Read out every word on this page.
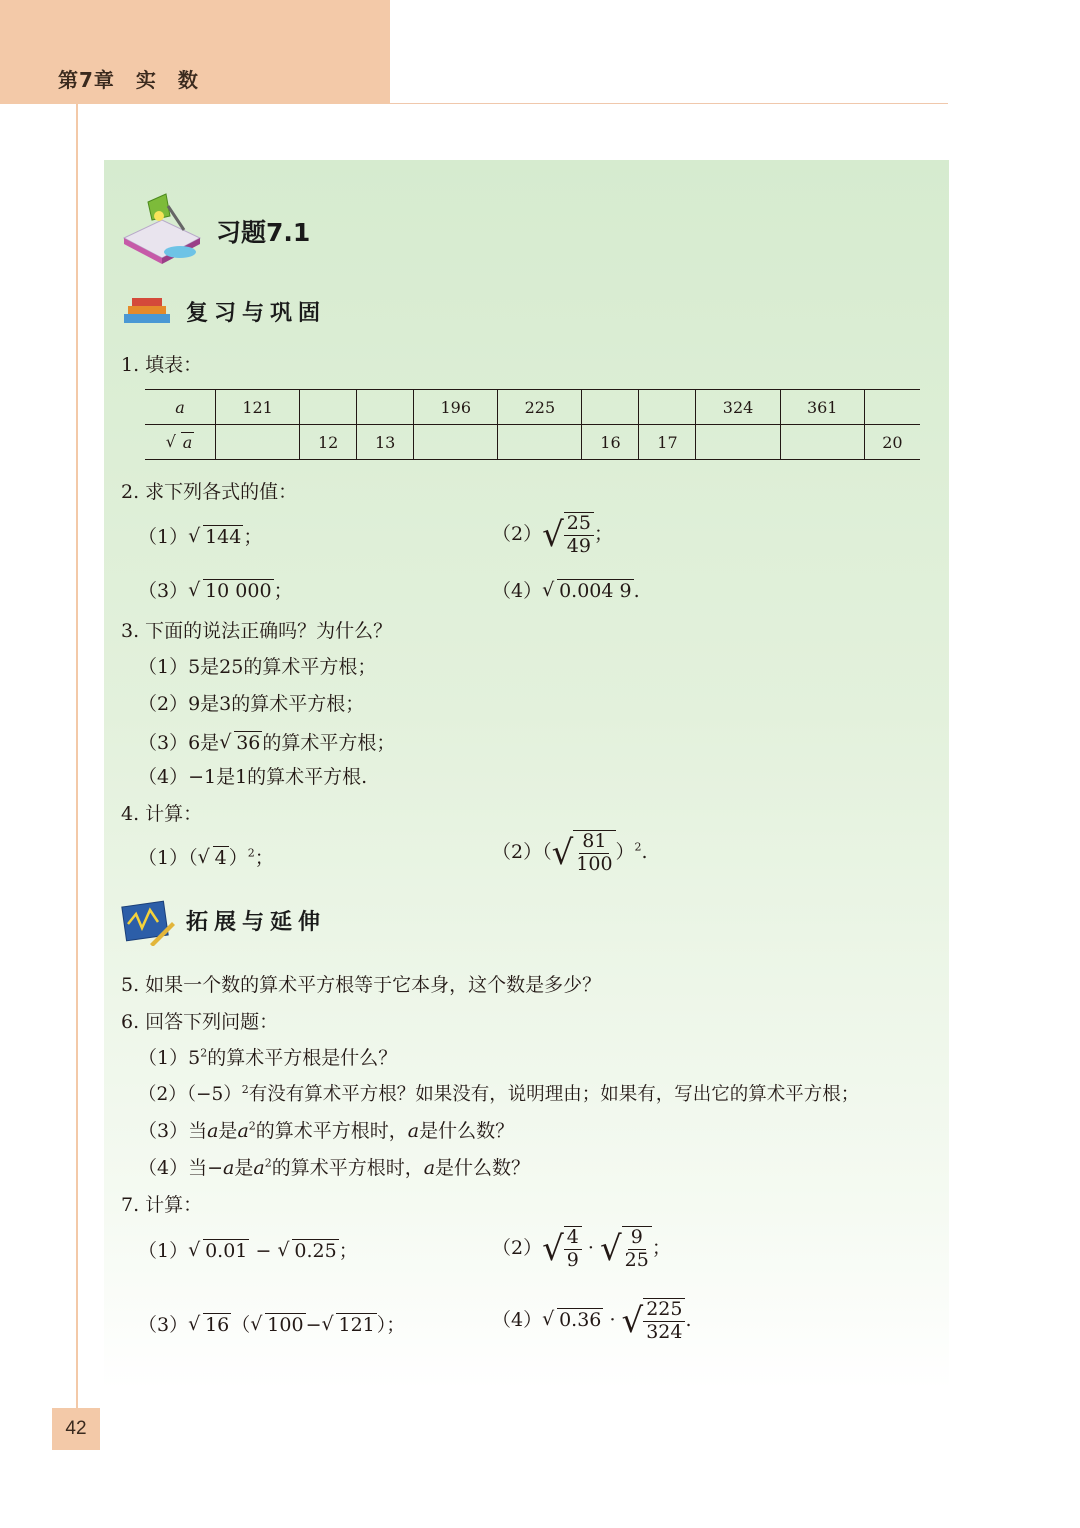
第7章　实　数
42
习题7.1
复习与巩固
1. 填表：
a	121			196	225			324	361	
√ a		12	13			16	17			20
2. 求下列各式的值：
（1） √ 144 ；	（2） √ $\frac{25}{49}$ ；
（3） √ 10 000 ；	（4） √ 0.004 9 .
3. 下面的说法正确吗？为什么？
（1）5是25的算术平方根；
（2）9是3的算术平方根；
（3）6是 √ 36 的算术平方根；
（4）−1是1的算术平方根.
4. 计算：
（1）（ √ 4 ）$^2$；	（2）（ √ $\frac{81}{100} )^2$.
拓展与延伸
5. 如果一个数的算术平方根等于它本身，这个数是多少？
6. 回答下列问题：
$(1)5^2$的算术平方根是什么？
$(2)(-5)^2$有没有算术平方根？如果没有，说明理由；如果有，写出它的算术平方根；
（3）当a是$a^2$的算术平方根时，a是什么数？
（4）当−a是$a^2$的算术平方根时，a是什么数？
7. 计算：
（1） √ 0.01 − √ 0.25 ；	（2） √ $\frac{4}{9}$ · √ $\frac{9}{25}$ ；
（3） √ 16 （ √ 100 − √ 121 ）；	（4） √ 0.36 · √ $\frac{225}{324}$ .
